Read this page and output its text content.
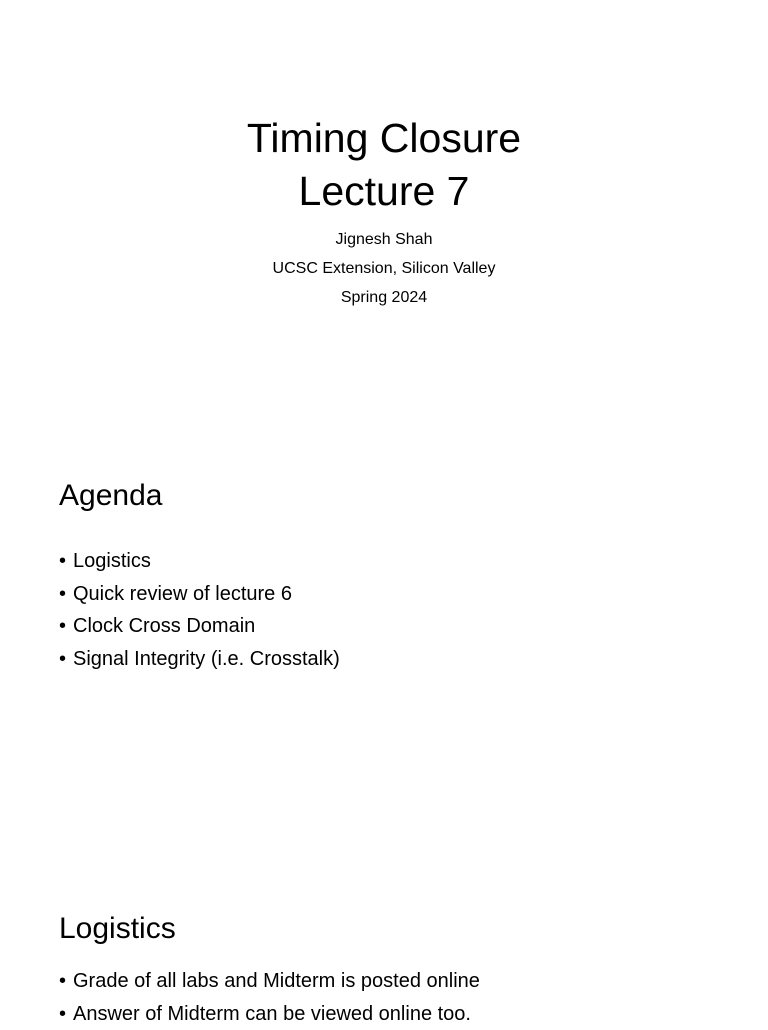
Timing Closure
Lecture 7
Jignesh Shah
UCSC Extension, Silicon Valley
Spring 2024
Agenda
• Logistics
• Quick review of lecture 6
• Clock Cross Domain
• Signal Integrity (i.e. Crosstalk)
Logistics
• Grade of all labs and Midterm is posted online
• Answer of Midterm can be viewed online too.
